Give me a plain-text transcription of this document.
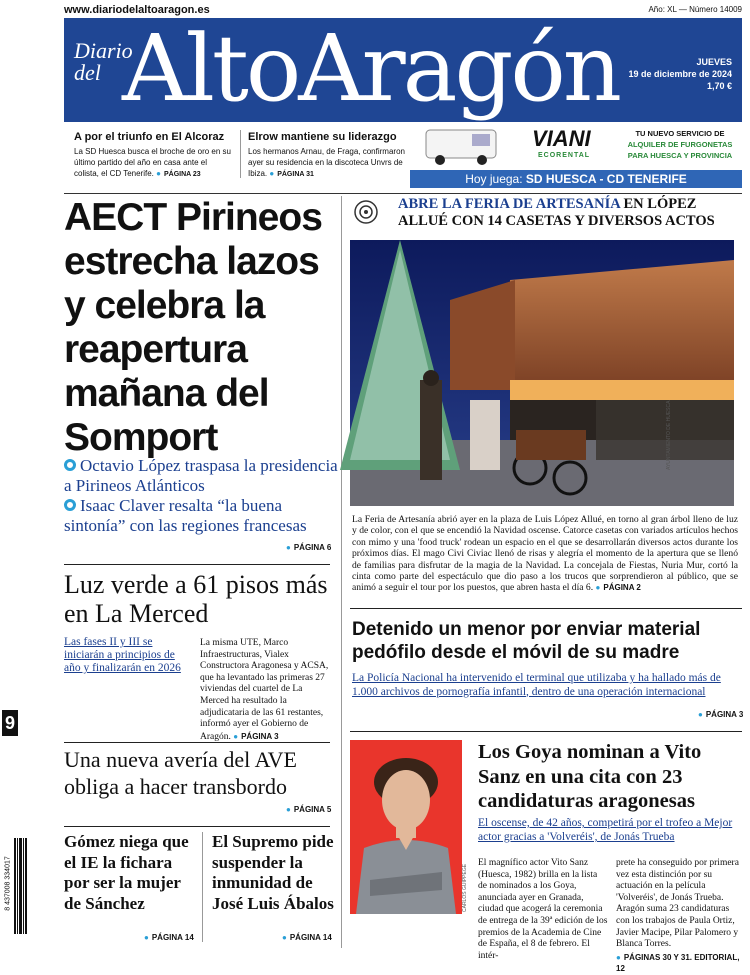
www.diariodelaltoaragon.es	Año: XL — Número 14009
Diario
del AltoAragón	JUEVES
19 de diciembre de 2024
1,70 €
A por el triunfo en El Alcoraz
La SD Huesca busca el broche de oro en su último partido del año en casa ante el colista, el CD Tenerife. ● PÁGINA 23
Elrow mantiene su liderazgo
Los hermanos Arnau, de Fraga, confirmaron ayer su residencia en la discoteca Unvrs de Ibiza. ● PÁGINA 31
VIANI
ECORENTAL
TU NUEVO SERVICIO DE
ALQUILER DE FURGONETAS
PARA HUESCA Y PROVINCIA
Hoy juega: SD HUESCA - CD TENERIFE
AECT Pirineos estrecha lazos y celebra la reapertura mañana del Somport
Octavio López traspasa la presidencia a Pirineos Atlánticos
Isaac Claver resalta “la buena sintonía” con las regiones francesas
● PÁGINA 6
Luz verde a 61 pisos más en La Merced
Las fases II y III se iniciarán a principios de año y finalizarán en 2026
La misma UTE, Marco Infraestructuras, Vialex Constructora Aragonesa y ACSA, que ha levantado las primeras 27 viviendas del cuartel de La Merced ha resultado la adjudicataria de las 61 restantes, informó ayer el Gobierno de Aragón. ● PÁGINA 3
9
Una nueva avería del AVE obliga a hacer transbordo
● PÁGINA 5
Gómez niega que el IE la fichara por ser la mujer de Sánchez
● PÁGINA 14
El Supremo pide suspender la inmunidad de José Luis Ábalos
● PÁGINA 14
8 437008 334017
ABRE LA FERIA DE ARTESANÍA EN LÓPEZ ALLUÉ CON 14 CASETAS Y DIVERSOS ACTOS
AYUNTAMIENTO DE HUESCA
La Feria de Artesanía abrió ayer en la plaza de Luis López Allué, en torno al gran árbol lleno de luz y de color, con el que se encendió la Navidad oscense. Catorce casetas con variados artículos hechos con mimo y una 'food truck' rodean un espacio en el que se desarrollarán diversos actos durante los próximos días. El mago Civi Civiac llenó de risas y alegría el momento de la apertura que se llenó de familias para disfrutar de la magia de la Navidad. La concejala de Fiestas, Nuria Mur, cortó la cinta como parte del espectáculo que dio paso a los trucos que sorprendieron al público, que se animó a seguir el tour por los puestos, que abren hasta el día 6. ● PÁGINA 2
Detenido un menor por enviar material pedófilo desde el móvil de su madre
La Policía Nacional ha intervenido el terminal que utilizaba y ha hallado más de 1.000 archivos de pornografía infantil, dentro de una operación internacional
● PÁGINA 3
CARLOS GUIPPEGE
Los Goya nominan a Vito Sanz en una cita con 23 candidaturas aragonesas
El oscense, de 42 años, competirá por el trofeo a Mejor actor gracias a 'Volveréis', de Jonás Trueba
El magnífico actor Vito Sanz (Huesca, 1982) brilla en la lista de nominados a los Goya, anunciada ayer en Granada, ciudad que acogerá la ceremonia de entrega de la 39ª edición de los premios de la Academia de Cine de España, el 8 de febrero. El intér-
prete ha conseguido por primera vez esta distinción por su actuación en la película 'Volveréis', de Jonás Trueba. Aragón suma 23 candidaturas con los trabajos de Paula Ortiz, Javier Macipe, Pilar Palomero y Blanca Torres.
● PÁGINAS 30 Y 31. EDITORIAL, 12
